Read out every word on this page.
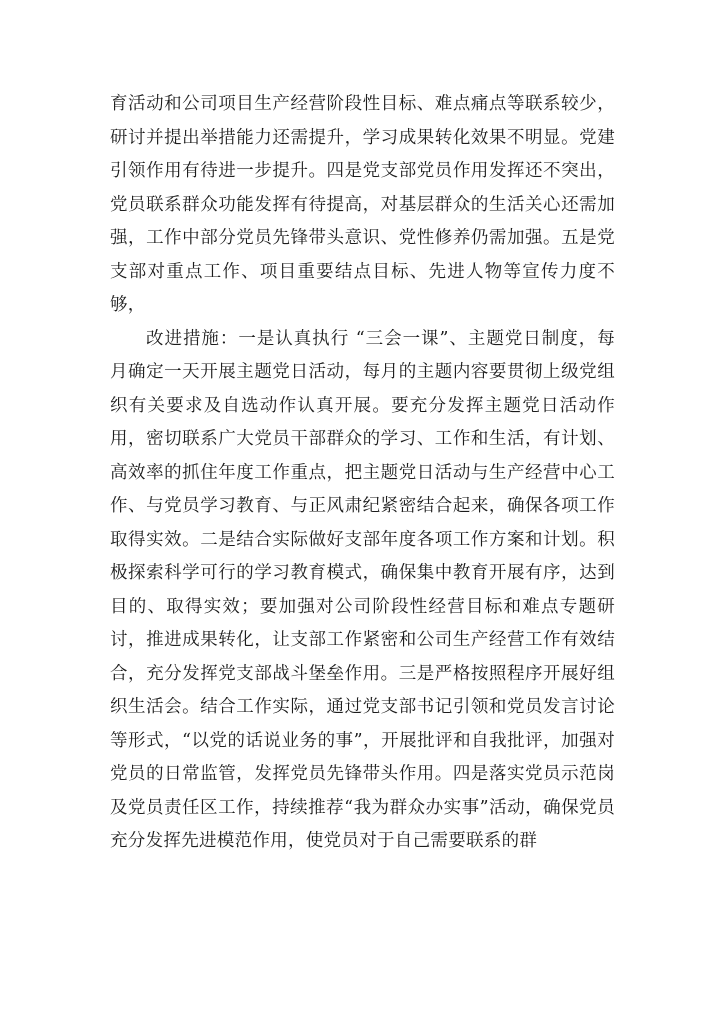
育活动和公司项目生产经营阶段性目标、难点痛点等联系较少，研讨并提出举措能力还需提升，学习成果转化效果不明显。党建引领作用有待进一步提升。四是党支部党员作用发挥还不突出，党员联系群众功能发挥有待提高，对基层群众的生活关心还需加强，工作中部分党员先锋带头意识、党性修养仍需加强。五是党支部对重点工作、项目重要结点目标、先进人物等宣传力度不够，

改进措施：一是认真执行 “三会一课”、主题党日制度，每月确定一天开展主题党日活动，每月的主题内容要贯彻上级党组织有关要求及自选动作认真开展。要充分发挥主题党日活动作用，密切联系广大党员干部群众的学习、工作和生活，有计划、高效率的抓住年度工作重点，把主题党日活动与生产经营中心工作、与党员学习教育、与正风肃纪紧密结合起来，确保各项工作取得实效。二是结合实际做好支部年度各项工作方案和计划。积极探索科学可行的学习教育模式，确保集中教育开展有序，达到目的、取得实效；要加强对公司阶段性经营目标和难点专题研讨，推进成果转化，让支部工作紧密和公司生产经营工作有效结合，充分发挥党支部战斗堡垒作用。三是严格按照程序开展好组织生活会。结合工作实际，通过党支部书记引领和党员发言讨论等形式，“以党的话说业务的事”，开展批评和自我批评，加强对党员的日常监管，发挥党员先锋带头作用。四是落实党员示范岗及党员责任区工作，持续推荐“我为群众办实事”活动，确保党员充分发挥先进模范作用，使党员对于自己需要联系的群
